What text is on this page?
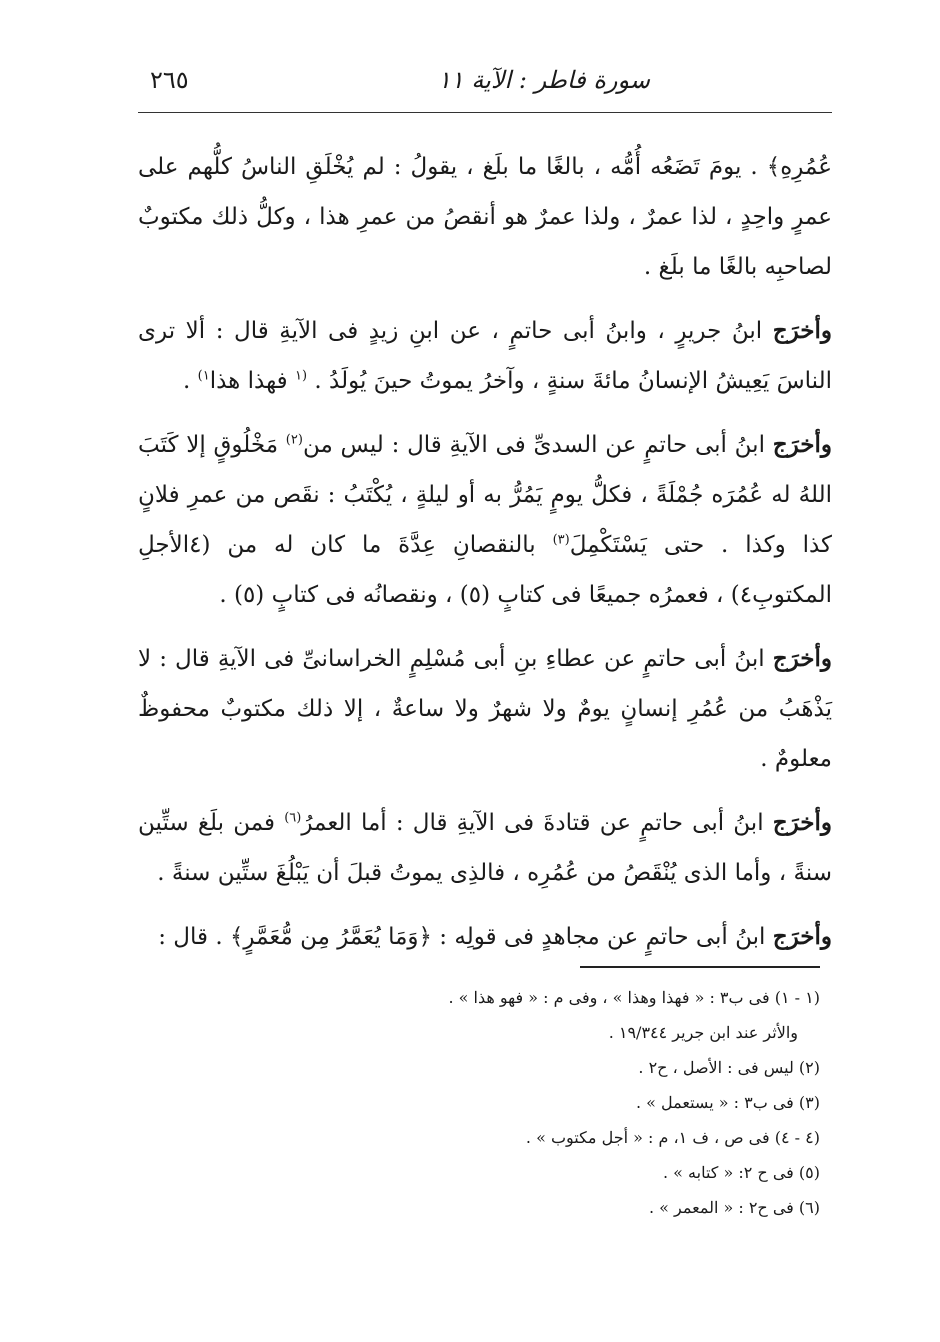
سورة فاطر : الآية ١١
٢٦٥

عُمُرِهِ﴾ . يومَ تَضَعُه أُمُّه ، بالغًا ما بلَغ ، يقولُ : لم يُخْلَقِ الناسُ كلُّهم على عمرٍ واحِدٍ ، لذا عمرٌ ، ولذا عمرٌ هو أنقصُ من عمرِ هذا ، وكلُّ ذلك مكتوبٌ لصاحبِه بالغًا ما بلَغ .

وأخرَج ابنُ جريرٍ ، وابنُ أبى حاتمٍ ، عن ابنِ زيدٍ فى الآيةِ قال : ألا ترى الناسَ يَعِيشُ الإنسانُ مائةَ سنةٍ ، وآخرُ يموتُ حينَ يُولَدُ . $^{(١}$ فهذا هذا$^{١)}$ .

وأخرَج ابنُ أبى حاتمٍ عن السدىِّ فى الآيةِ قال : ليس من$^{(٢)}$ مَخْلُوقٍ إلا كَتَبَ اللهُ له عُمُرَه جُمْلَةً ، فكلُّ يومٍ يَمُرُّ به أو ليلةٍ ، يُكْتَبُ : نقَص من عمرِ فلانٍ كذا وكذا . حتى يَسْتَكْمِلَ$^{(٣)}$ بالنقصانِ عِدَّةَ ما كان له من (٤الأجلِ المكتوبِ٤) ، فعمرُه جميعًا فى كتابٍ (٥) ، ونقصانُه فى كتابٍ (٥) .

وأخرَج ابنُ أبى حاتمٍ عن عطاءِ بنِ أبى مُسْلِمٍ الخراسانىِّ فى الآيةِ قال : لا يَذْهَبُ من عُمُرِ إنسانٍ يومٌ ولا شهرٌ ولا ساعةٌ ، إلا ذلك مكتوبٌ محفوظٌ معلومٌ .

وأخرَج ابنُ أبى حاتمٍ عن قتادةَ فى الآيةِ قال : أما العمرُ$^{(٦)}$ فمن بلَغ ستِّين سنةً ، وأما الذى يُنْقَصُ من عُمُرِه ، فالذِى يموتُ قبلَ أن يَبْلُغَ ستِّين سنةً .

وأخرَج ابنُ أبى حاتمٍ عن مجاهدٍ فى قولِه : ﴿وَمَا يُعَمَّرُ مِن مُّعَمَّرٍ﴾ . قال :

(١ - ١) فى ب٣ : « فهذا وهذا » ، وفى م : « فهو هذا » .

والأثر عند ابن جرير ١٩/٣٤٤ .

(٢) ليس فى : الأصل ، ح٢ .

(٣) فى ب٣ : « يستعمل » .

(٤ - ٤) فى ص ، ف ١، م : « أجل مكتوب » .

(٥) فى ح ٢: « كتابه » .

(٦) فى ح٢ : « المعمر » .
